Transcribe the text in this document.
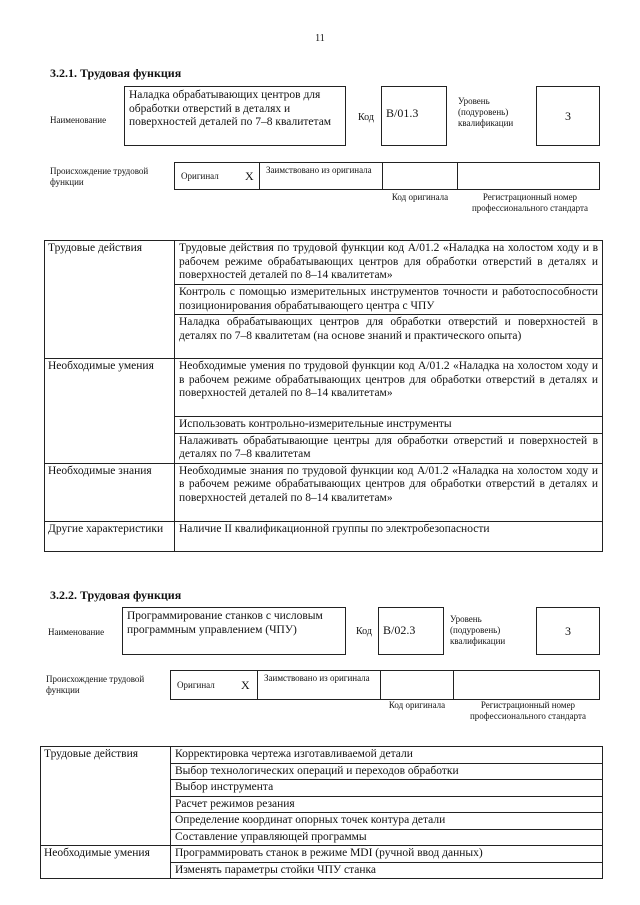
11
3.2.1. Трудовая функция
Наименование
Наладка обрабатывающих центров для обработки отверстий в деталях и поверхностей деталей по 7–8 квалитетам	Код	В/01.3
Уровень (подуровень) квалификации	3
Происхождение трудовой функции
Оригинал X Заимствовано из оригинала
Код оригинала	Регистрационный номер профессионального стандарта
Трудовые действия	Трудовые действия по трудовой функции код А/01.2 «Наладка на холостом ходу и в рабочем режиме обрабатывающих центров для обработки отверстий в деталях и поверхностей деталей по 8–14 квалитетам»
	Контроль с помощью измерительных инструментов точности и работоспособности позиционирования обрабатывающего центра с ЧПУ
	Наладка обрабатывающих центров для обработки отверстий и поверхностей в деталях по 7–8 квалитетам (на основе знаний и практического опыта)
Необходимые умения	Необходимые умения по трудовой функции код А/01.2 «Наладка на холостом ходу и в рабочем режиме обрабатывающих центров для обработки отверстий в деталях и поверхностей деталей по 8–14 квалитетам»
	Использовать контрольно-измерительные инструменты
	Налаживать обрабатывающие центры для обработки отверстий и поверхностей в деталях по 7–8 квалитетам
Необходимые знания	Необходимые знания по трудовой функции код А/01.2 «Наладка на холостом ходу и в рабочем режиме обрабатывающих центров для обработки отверстий в деталях и поверхностей деталей по 8–14 квалитетам»
Другие характеристики	Наличие II квалификационной группы по электробезопасности
3.2.2. Трудовая функция
Наименование
Программирование станков с числовым программным управлением (ЧПУ)	Код В/02.3
Уровень (подуровень) квалификации
3
Происхождение трудовой функции	Оригинал X Заимствовано из оригинала
Код оригинала	Регистрационный номер профессионального стандарта
Трудовые действия	Корректировка чертежа изготавливаемой детали
	Выбор технологических операций и переходов обработки
	Выбор инструмента
	Расчет режимов резания
	Определение координат опорных точек контура детали
	Составление управляющей программы
Необходимые умения	Программировать станок в режиме MDI (ручной ввод данных)
	Изменять параметры стойки ЧПУ станка
